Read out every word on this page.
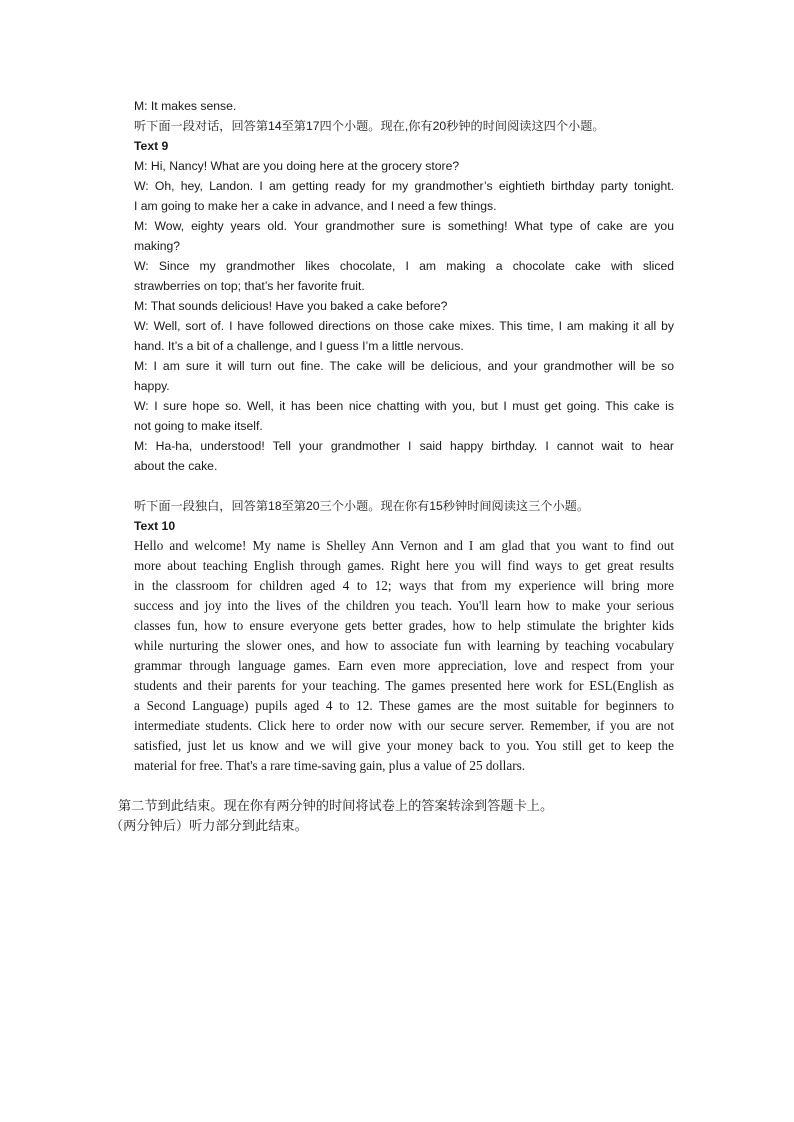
M: It makes sense.
听下面一段对话，回答第14至第17四个小题。现在,你有20秒钟的时间阅读这四个小题。
Text 9
M: Hi, Nancy! What are you doing here at the grocery store?
W: Oh, hey, Landon. I am getting ready for my grandmother’s eightieth birthday party tonight.
I am going to make her a cake in advance, and I need a few things.
M: Wow, eighty years old. Your grandmother sure is something! What type of cake are you
making?
W: Since my grandmother likes chocolate, I am making a chocolate cake with sliced
strawberries on top; that’s her favorite fruit.
M: That sounds delicious! Have you baked a cake before?
W: Well, sort of. I have followed directions on those cake mixes. This time, I am making it all by
hand. It’s a bit of a challenge, and I guess I’m a little nervous.
M: I am sure it will turn out fine. The cake will be delicious, and your grandmother will be so
happy.
W: I sure hope so. Well, it has been nice chatting with you, but I must get going. This cake is
not going to make itself.
M: Ha-ha, understood! Tell your grandmother I said happy birthday. I cannot wait to hear
about the cake.
听下面一段独白，回答第18至第20三个小题。现在你有15秒钟时间阅读这三个小题。
Text 10
Hello and welcome! My name is Shelley Ann Vernon and I am glad that you want to find out
more about teaching English through games. Right here you will find ways to get great results
in the classroom for children aged 4 to 12; ways that from my experience will bring more
success and joy into the lives of the children you teach. You'll learn how to make your serious
classes fun, how to ensure everyone gets better grades, how to help stimulate the brighter kids
while nurturing the slower ones, and how to associate fun with learning by teaching vocabulary
grammar through language games. Earn even more appreciation, love and respect from your
students and their parents for your teaching. The games presented here work for ESL(English as
a Second Language) pupils aged 4 to 12. These games are the most suitable for beginners to
intermediate students. Click here to order now with our secure server. Remember, if you are not
satisfied, just let us know and we will give your money back to you. You still get to keep the
material for free. That's a rare time-saving gain, plus a value of 25 dollars.
第二节到此结束。现在你有两分钟的时间将试卷上的答案转涂到答题卡上。
（两分钟后）听力部分到此结束。
